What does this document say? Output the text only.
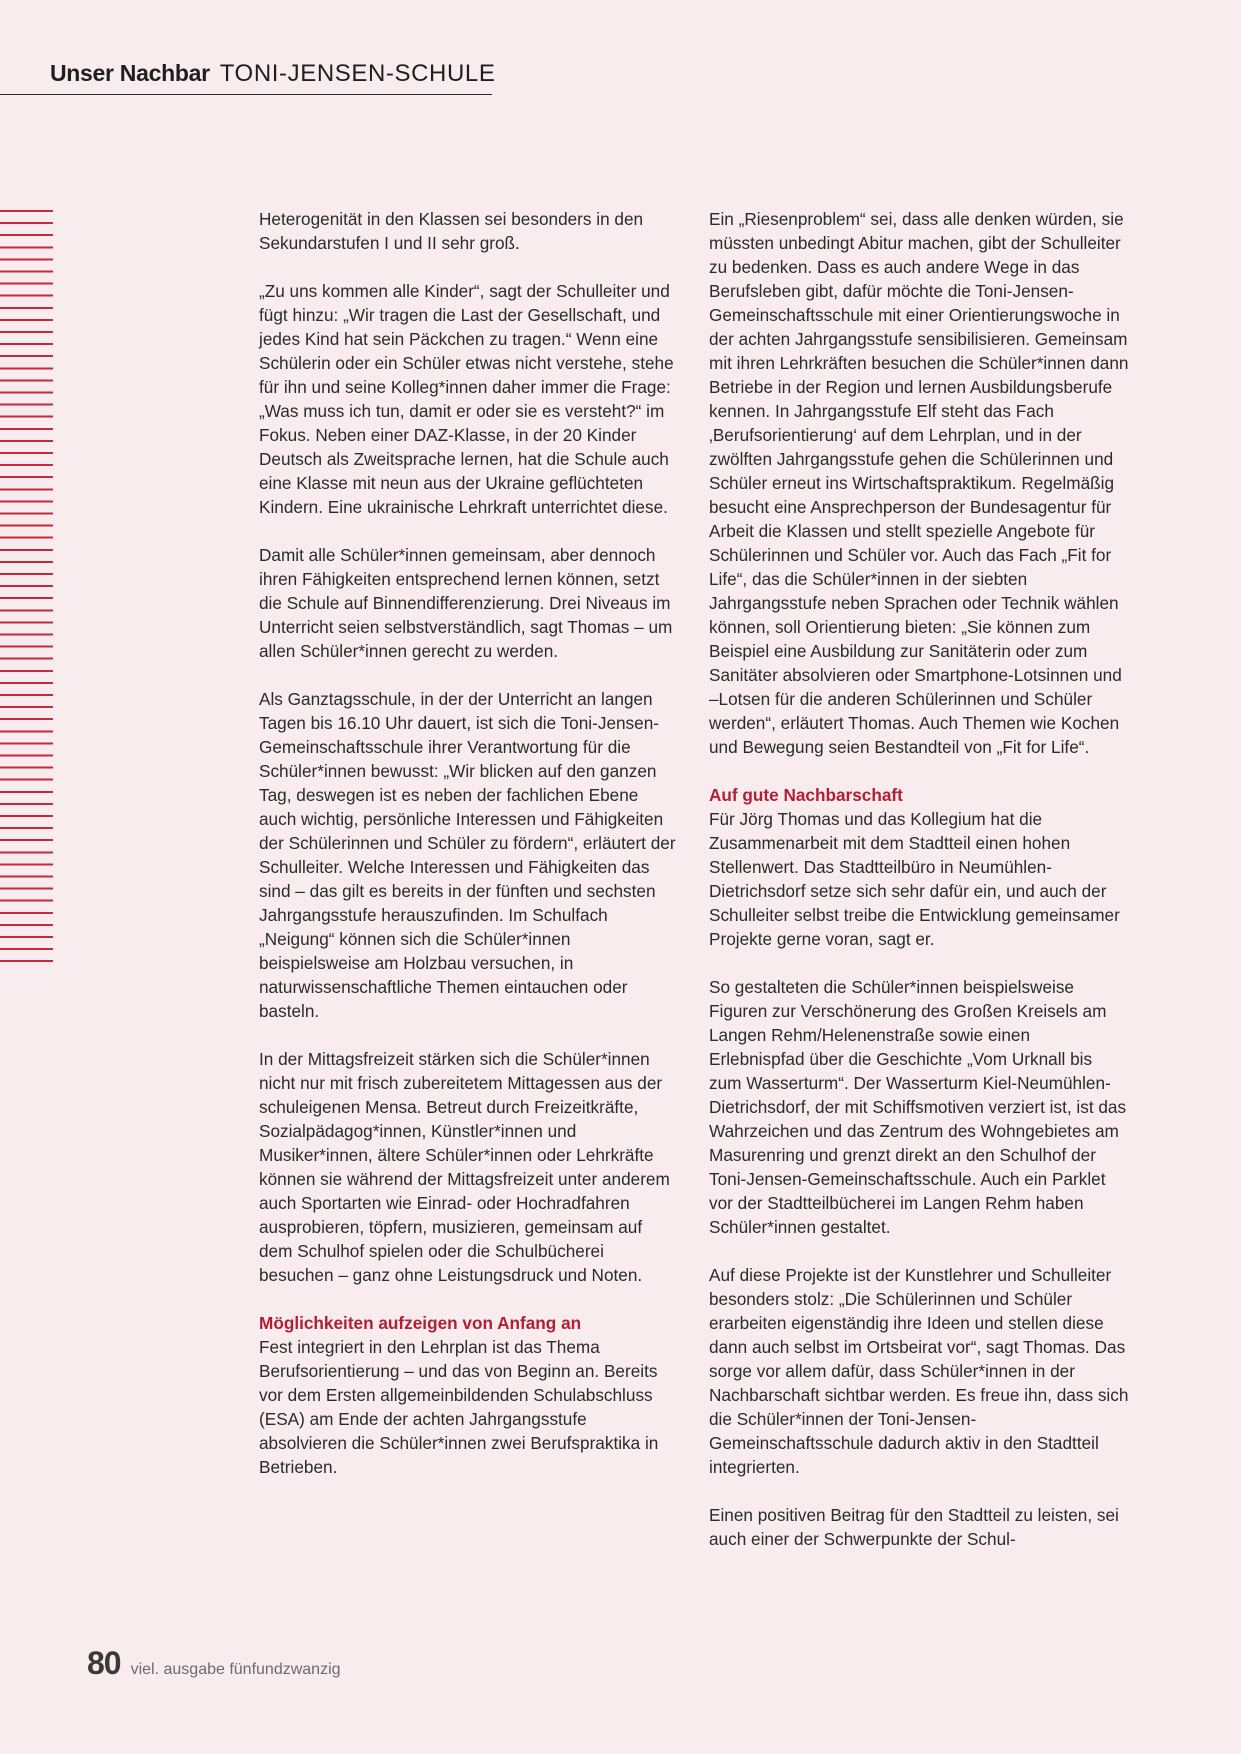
Unser Nachbar TONI-JENSEN-SCHULE

Heterogenität in den Klassen sei besonders in den Sekundarstufen I und II sehr groß.

„Zu uns kommen alle Kinder“, sagt der Schulleiter und fügt hinzu: „Wir tragen die Last der Gesellschaft, und jedes Kind hat sein Päckchen zu tragen.“ Wenn eine Schülerin oder ein Schüler etwas nicht verstehe, stehe für ihn und seine Kolleg*innen daher immer die Frage: „Was muss ich tun, damit er oder sie es versteht?“ im Fokus. Neben einer DAZ-Klasse, in der 20 Kinder Deutsch als Zweitsprache lernen, hat die Schule auch eine Klasse mit neun aus der Ukraine geflüchteten Kindern. Eine ukrainische Lehrkraft unterrichtet diese.

Damit alle Schüler*innen gemeinsam, aber dennoch ihren Fähigkeiten entsprechend lernen können, setzt die Schule auf Binnendifferenzierung. Drei Niveaus im Unterricht seien selbstverständlich, sagt Thomas – um allen Schüler*innen gerecht zu werden.

Als Ganztagsschule, in der der Unterricht an langen Tagen bis 16.10 Uhr dauert, ist sich die Toni-Jensen-Gemeinschaftsschule ihrer Verantwortung für die Schüler*innen bewusst: „Wir blicken auf den ganzen Tag, deswegen ist es neben der fachlichen Ebene auch wichtig, persönliche Interessen und Fähigkeiten der Schülerinnen und Schüler zu fördern“, erläutert der Schulleiter. Welche Interessen und Fähigkeiten das sind – das gilt es bereits in der fünften und sechsten Jahrgangsstufe herauszufinden. Im Schulfach „Neigung“ können sich die Schüler*innen beispielsweise am Holzbau versuchen, in naturwissenschaftliche Themen eintauchen oder basteln.

In der Mittagsfreizeit stärken sich die Schüler*innen nicht nur mit frisch zubereitetem Mittagessen aus der schuleigenen Mensa. Betreut durch Freizeitkräfte, Sozialpädagog*innen, Künstler*innen und Musiker*innen, ältere Schüler*innen oder Lehrkräfte können sie während der Mittagsfreizeit unter anderem auch Sportarten wie Einrad- oder Hochradfahren ausprobieren, töpfern, musizieren, gemeinsam auf dem Schulhof spielen oder die Schulbücherei besuchen – ganz ohne Leistungsdruck und Noten.

Möglichkeiten aufzeigen von Anfang an

Fest integriert in den Lehrplan ist das Thema Berufsorientierung – und das von Beginn an. Bereits vor dem Ersten allgemeinbildenden Schulabschluss (ESA) am Ende der achten Jahrgangsstufe absolvieren die Schüler*innen zwei Berufspraktika in Betrieben.

Ein „Riesenproblem“ sei, dass alle denken würden, sie müssten unbedingt Abitur machen, gibt der Schulleiter zu bedenken. Dass es auch andere Wege in das Berufsleben gibt, dafür möchte die Toni-Jensen-Gemeinschaftsschule mit einer Orientierungswoche in der achten Jahrgangsstufe sensibilisieren. Gemeinsam mit ihren Lehrkräften besuchen die Schüler*innen dann Betriebe in der Region und lernen Ausbildungsberufe kennen. In Jahrgangsstufe Elf steht das Fach ‚Berufsorientierung‘ auf dem Lehrplan, und in der zwölften Jahrgangsstufe gehen die Schülerinnen und Schüler erneut ins Wirtschaftspraktikum. Regelmäßig besucht eine Ansprechperson der Bundesagentur für Arbeit die Klassen und stellt spezielle Angebote für Schülerinnen und Schüler vor. Auch das Fach „Fit for Life“, das die Schüler*innen in der siebten Jahrgangsstufe neben Sprachen oder Technik wählen können, soll Orientierung bieten: „Sie können zum Beispiel eine Ausbildung zur Sanitäterin oder zum Sanitäter absolvieren oder Smartphone-Lotsinnen und –Lotsen für die anderen Schülerinnen und Schüler werden“, erläutert Thomas. Auch Themen wie Kochen und Bewegung seien Bestandteil von „Fit for Life“.

Auf gute Nachbarschaft

Für Jörg Thomas und das Kollegium hat die Zusammenarbeit mit dem Stadtteil einen hohen Stellenwert. Das Stadtteilbüro in Neumühlen-Dietrichsdorf setze sich sehr dafür ein, und auch der Schulleiter selbst treibe die Entwicklung gemeinsamer Projekte gerne voran, sagt er.

So gestalteten die Schüler*innen beispielsweise Figuren zur Verschönerung des Großen Kreisels am Langen Rehm/Helenenstraße sowie einen Erlebnispfad über die Geschichte „Vom Urknall bis zum Wasserturm“. Der Wasserturm Kiel-Neumühlen-Dietrichsdorf, der mit Schiffsmotiven verziert ist, ist das Wahrzeichen und das Zentrum des Wohngebietes am Masurenring und grenzt direkt an den Schulhof der Toni-Jensen-Gemeinschaftsschule. Auch ein Parklet vor der Stadtteilbücherei im Langen Rehm haben Schüler*innen gestaltet.

Auf diese Projekte ist der Kunstlehrer und Schulleiter besonders stolz: „Die Schülerinnen und Schüler erarbeiten eigenständig ihre Ideen und stellen diese dann auch selbst im Ortsbeirat vor“, sagt Thomas. Das sorge vor allem dafür, dass Schüler*innen in der Nachbarschaft sichtbar werden. Es freue ihn, dass sich die Schüler*innen der Toni-Jensen-Gemeinschaftsschule dadurch aktiv in den Stadtteil integrierten.

Einen positiven Beitrag für den Stadtteil zu leisten, sei auch einer der Schwerpunkte der Schul-

80 viel. ausgabe fünfundzwanzig
